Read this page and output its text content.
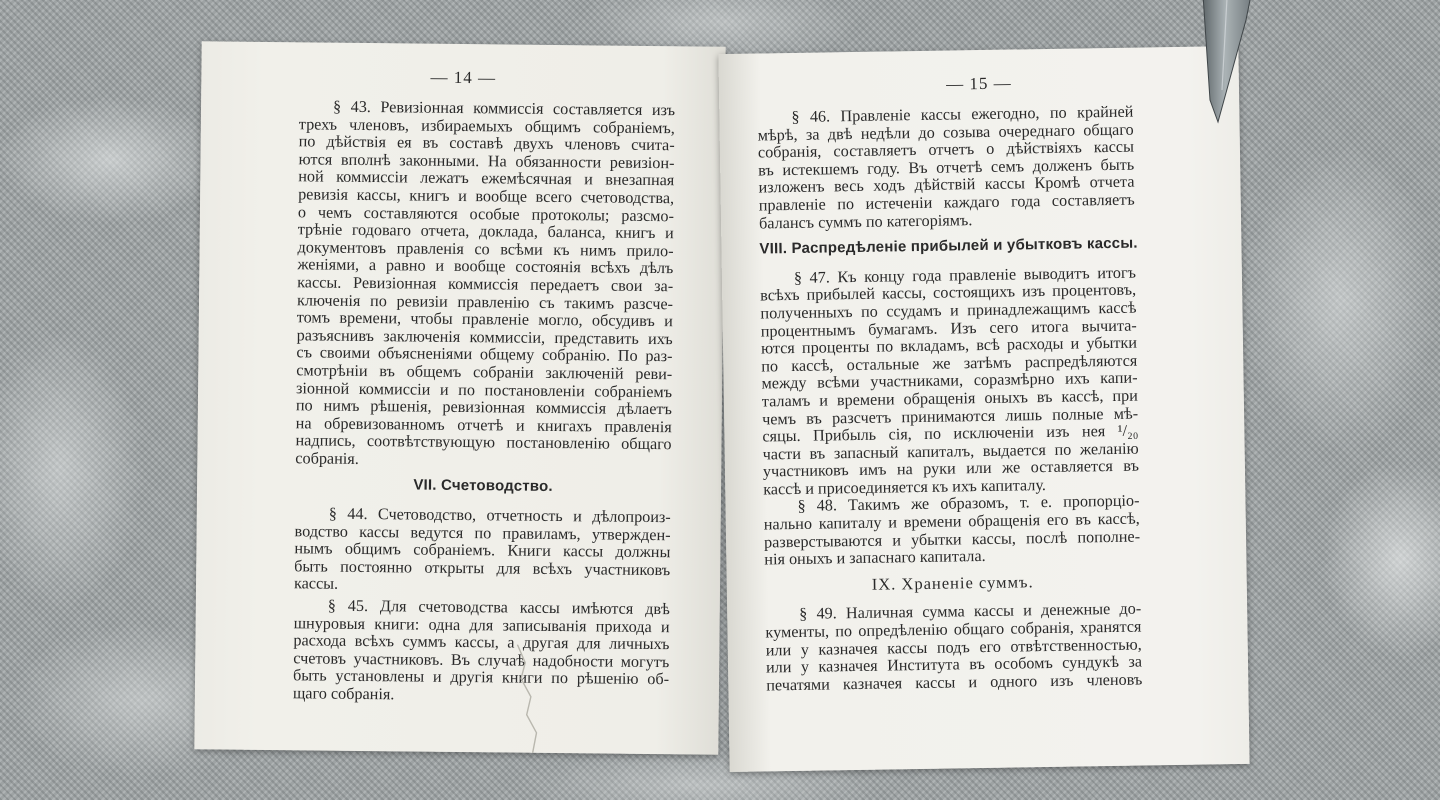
— 14 —
§ 43. Ревизіонная коммиссія составляется изъ
трехъ членовъ, избираемыхъ общимъ собраніемъ,
по дѣйствія ея въ составѣ двухъ членовъ счита-
ются вполнѣ законными. На обязанности ревизіон-
ной коммиссіи лежатъ ежемѣсячная и внезапная
ревизія кассы, книгъ и вообще всего счетоводства,
о чемъ составляются особые протоколы; разсмо-
трѣніе годоваго отчета, доклада, баланса, книгъ и
документовъ правленія со всѣми къ нимъ прило-
женіями, а равно и вообще состоянія всѣхъ дѣлъ
кассы. Ревизіонная коммиссія передаетъ свои за-
ключенія по ревизіи правленію съ такимъ разсче-
томъ времени, чтобы правленіе могло, обсудивъ и
разъяснивъ заключенія коммиссіи, представить ихъ
съ своими объясненіями общему собранію. По раз-
смотрѣніи въ общемъ собраніи заключеній реви-
зіонной коммиссіи и по постановленіи собраніемъ
по нимъ рѣшенія, ревизіонная коммиссія дѣлаетъ
на обревизованномъ отчетѣ и книгахъ правленія
надпись, соотвѣтствующую постановленію общаго
собранія.
VII. Счетоводство.
§ 44. Счетоводство, отчетность и дѣлопроиз-
водство кассы ведутся по правиламъ, утвержден-
нымъ общимъ собраніемъ. Книги кассы должны
быть постоянно открыты для всѣхъ участниковъ
кассы.
§ 45. Для счетоводства кассы имѣются двѣ
шнуровыя книги: одна для записыванія прихода и
расхода всѣхъ суммъ кассы, а другая для личныхъ
счетовъ участниковъ. Въ случаѣ надобности могутъ
быть установлены и другія книги по рѣшенію об-
щаго собранія.
— 15 —
§ 46. Правленіе кассы ежегодно, по крайней
мѣрѣ, за двѣ недѣли до созыва очереднаго общаго
собранія, составляетъ отчетъ о дѣйствіяхъ кассы
въ истекшемъ году. Въ отчетѣ семъ долженъ быть
изложенъ весь ходъ дѣйствій кассы Кромѣ отчета
правленіе по истеченіи каждаго года составляетъ
балансъ суммъ по категоріямъ.
VIII. Распредѣленіе прибылей и убытковъ кассы.
§ 47. Къ концу года правленіе выводитъ итогъ
всѣхъ прибылей кассы, состоящихъ изъ процентовъ,
полученныхъ по ссудамъ и принадлежащимъ кассѣ
процентнымъ бумагамъ. Изъ сего итога вычита-
ются проценты по вкладамъ, всѣ расходы и убытки
по кассѣ, остальные же затѣмъ распредѣляются
между всѣми участниками, соразмѣрно ихъ капи-
таламъ и времени обращенія оныхъ въ кассѣ, при
чемъ въ разсчетъ принимаются лишь полные мѣ-
сяцы. Прибыль сія, по исключеніи изъ нея ¹/₂₀
части въ запасный капиталъ, выдается по желанію
участниковъ имъ на руки или же оставляется въ
кассѣ и присоединяется къ ихъ капиталу.
§ 48. Такимъ же образомъ, т. е. пропорціо-
нально капиталу и времени обращенія его въ кассѣ,
разверстываются и убытки кассы, послѣ пополне-
нія оныхъ и запаснаго капитала.
IX. Храненіе суммъ.
§ 49. Наличная сумма кассы и денежные до-
кументы, по опредѣленію общаго собранія, хранятся
или у казначея кассы подъ его отвѣтственностью,
или у казначея Института въ особомъ сундукѣ за
печатями казначея кассы и одного изъ членовъ
